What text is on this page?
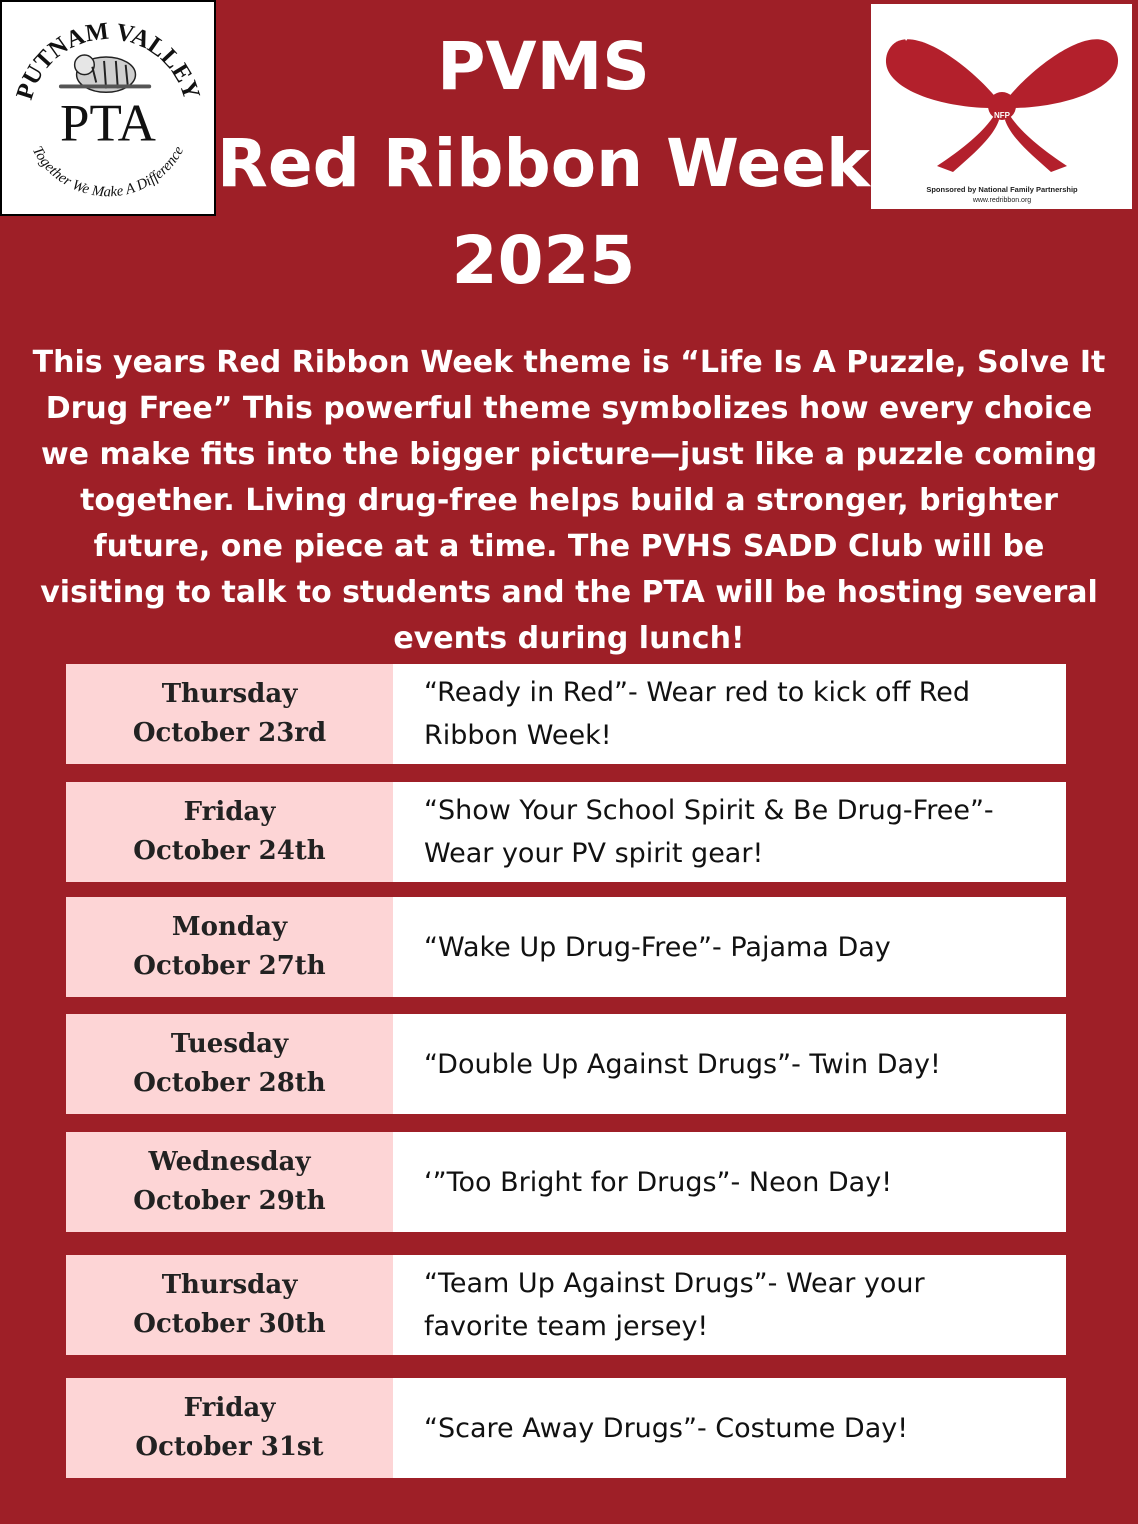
PUTNAM VALLEY
Together We Make A Difference
PTA
PVMS
Red Ribbon Week
2025
RED RIBBON CAMPAIGN OCTOBER 23-31
NFP
Sponsored by National Family Partnership
www.redribbon.org

This years Red Ribbon Week theme is “Life Is A Puzzle, Solve It Drug Free” This powerful theme symbolizes how every choice we make fits into the bigger picture—just like a puzzle coming together. Living drug-free helps build a stronger, brighter future, one piece at a time. The PVHS SADD Club will be visiting to talk to students and the PTA will be hosting several events during lunch!

Thursday
October 23rd
“Ready in Red”- Wear red to kick off Red Ribbon Week!
Friday
October 24th
“Show Your School Spirit & Be Drug-Free”- Wear your PV spirit gear!
Monday
October 27th
“Wake Up Drug-Free”- Pajama Day
Tuesday
October 28th
“Double Up Against Drugs”- Twin Day!
Wednesday
October 29th
‘”Too Bright for Drugs”- Neon Day!
Thursday
October 30th
“Team Up Against Drugs”- Wear your favorite team jersey!
Friday
October 31st
“Scare Away Drugs”- Costume Day!
